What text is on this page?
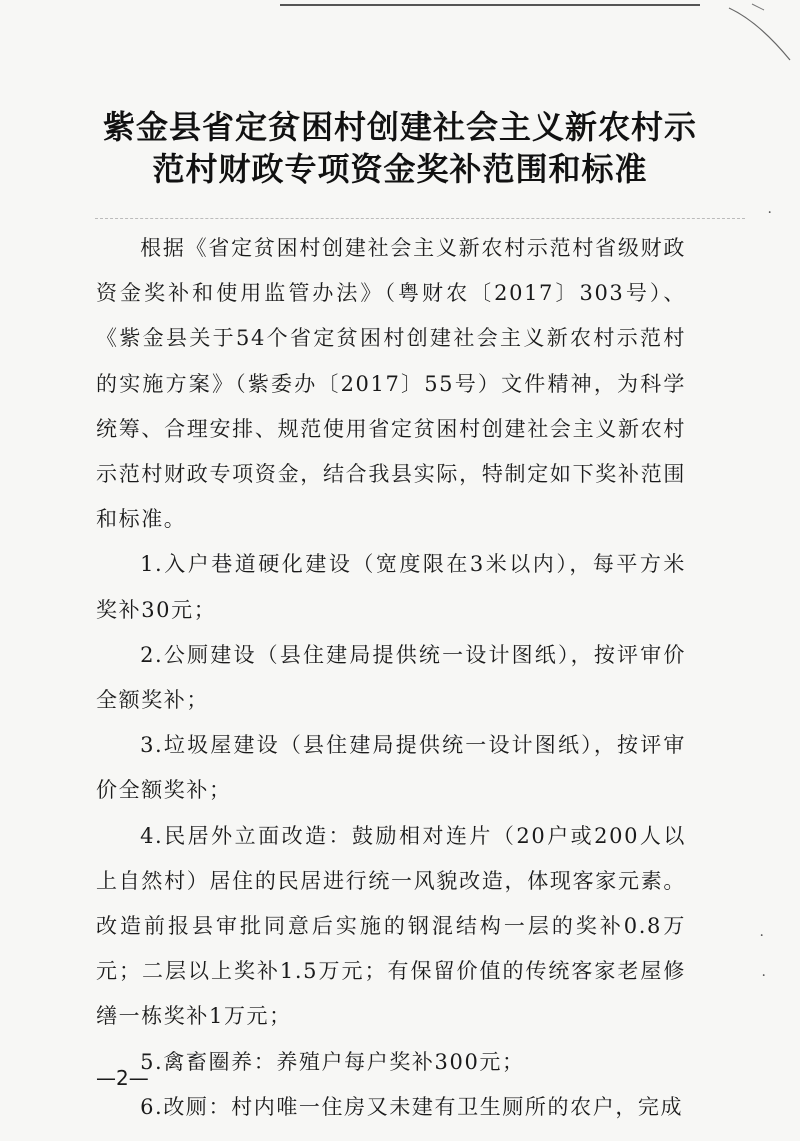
·
·
·
紫金县省定贫困村创建社会主义新农村示
范村财政专项资金奖补范围和标准

根据《省定贫困村创建社会主义新农村示范村省级财政资金奖补和使用监管办法》（粤财农〔2017〕303号）、《紫金县关于54个省定贫困村创建社会主义新农村示范村的实施方案》（紫委办〔2017〕55号）文件精神，为科学统筹、合理安排、规范使用省定贫困村创建社会主义新农村示范村财政专项资金，结合我县实际，特制定如下奖补范围和标准。

1.入户巷道硬化建设（宽度限在3米以内），每平方米奖补30元；

2.公厕建设（县住建局提供统一设计图纸），按评审价全额奖补；

3.垃圾屋建设（县住建局提供统一设计图纸），按评审价全额奖补；

4.民居外立面改造：鼓励相对连片（20户或200人以上自然村）居住的民居进行统一风貌改造，体现客家元素。改造前报县审批同意后实施的钢混结构一层的奖补0.8万元；二层以上奖补1.5万元；有保留价值的传统客家老屋修缮一栋奖补1万元；

5.禽畜圈养：养殖户每户奖补300元；

6.改厕：村内唯一住房又未建有卫生厕所的农户，完成

—2—
